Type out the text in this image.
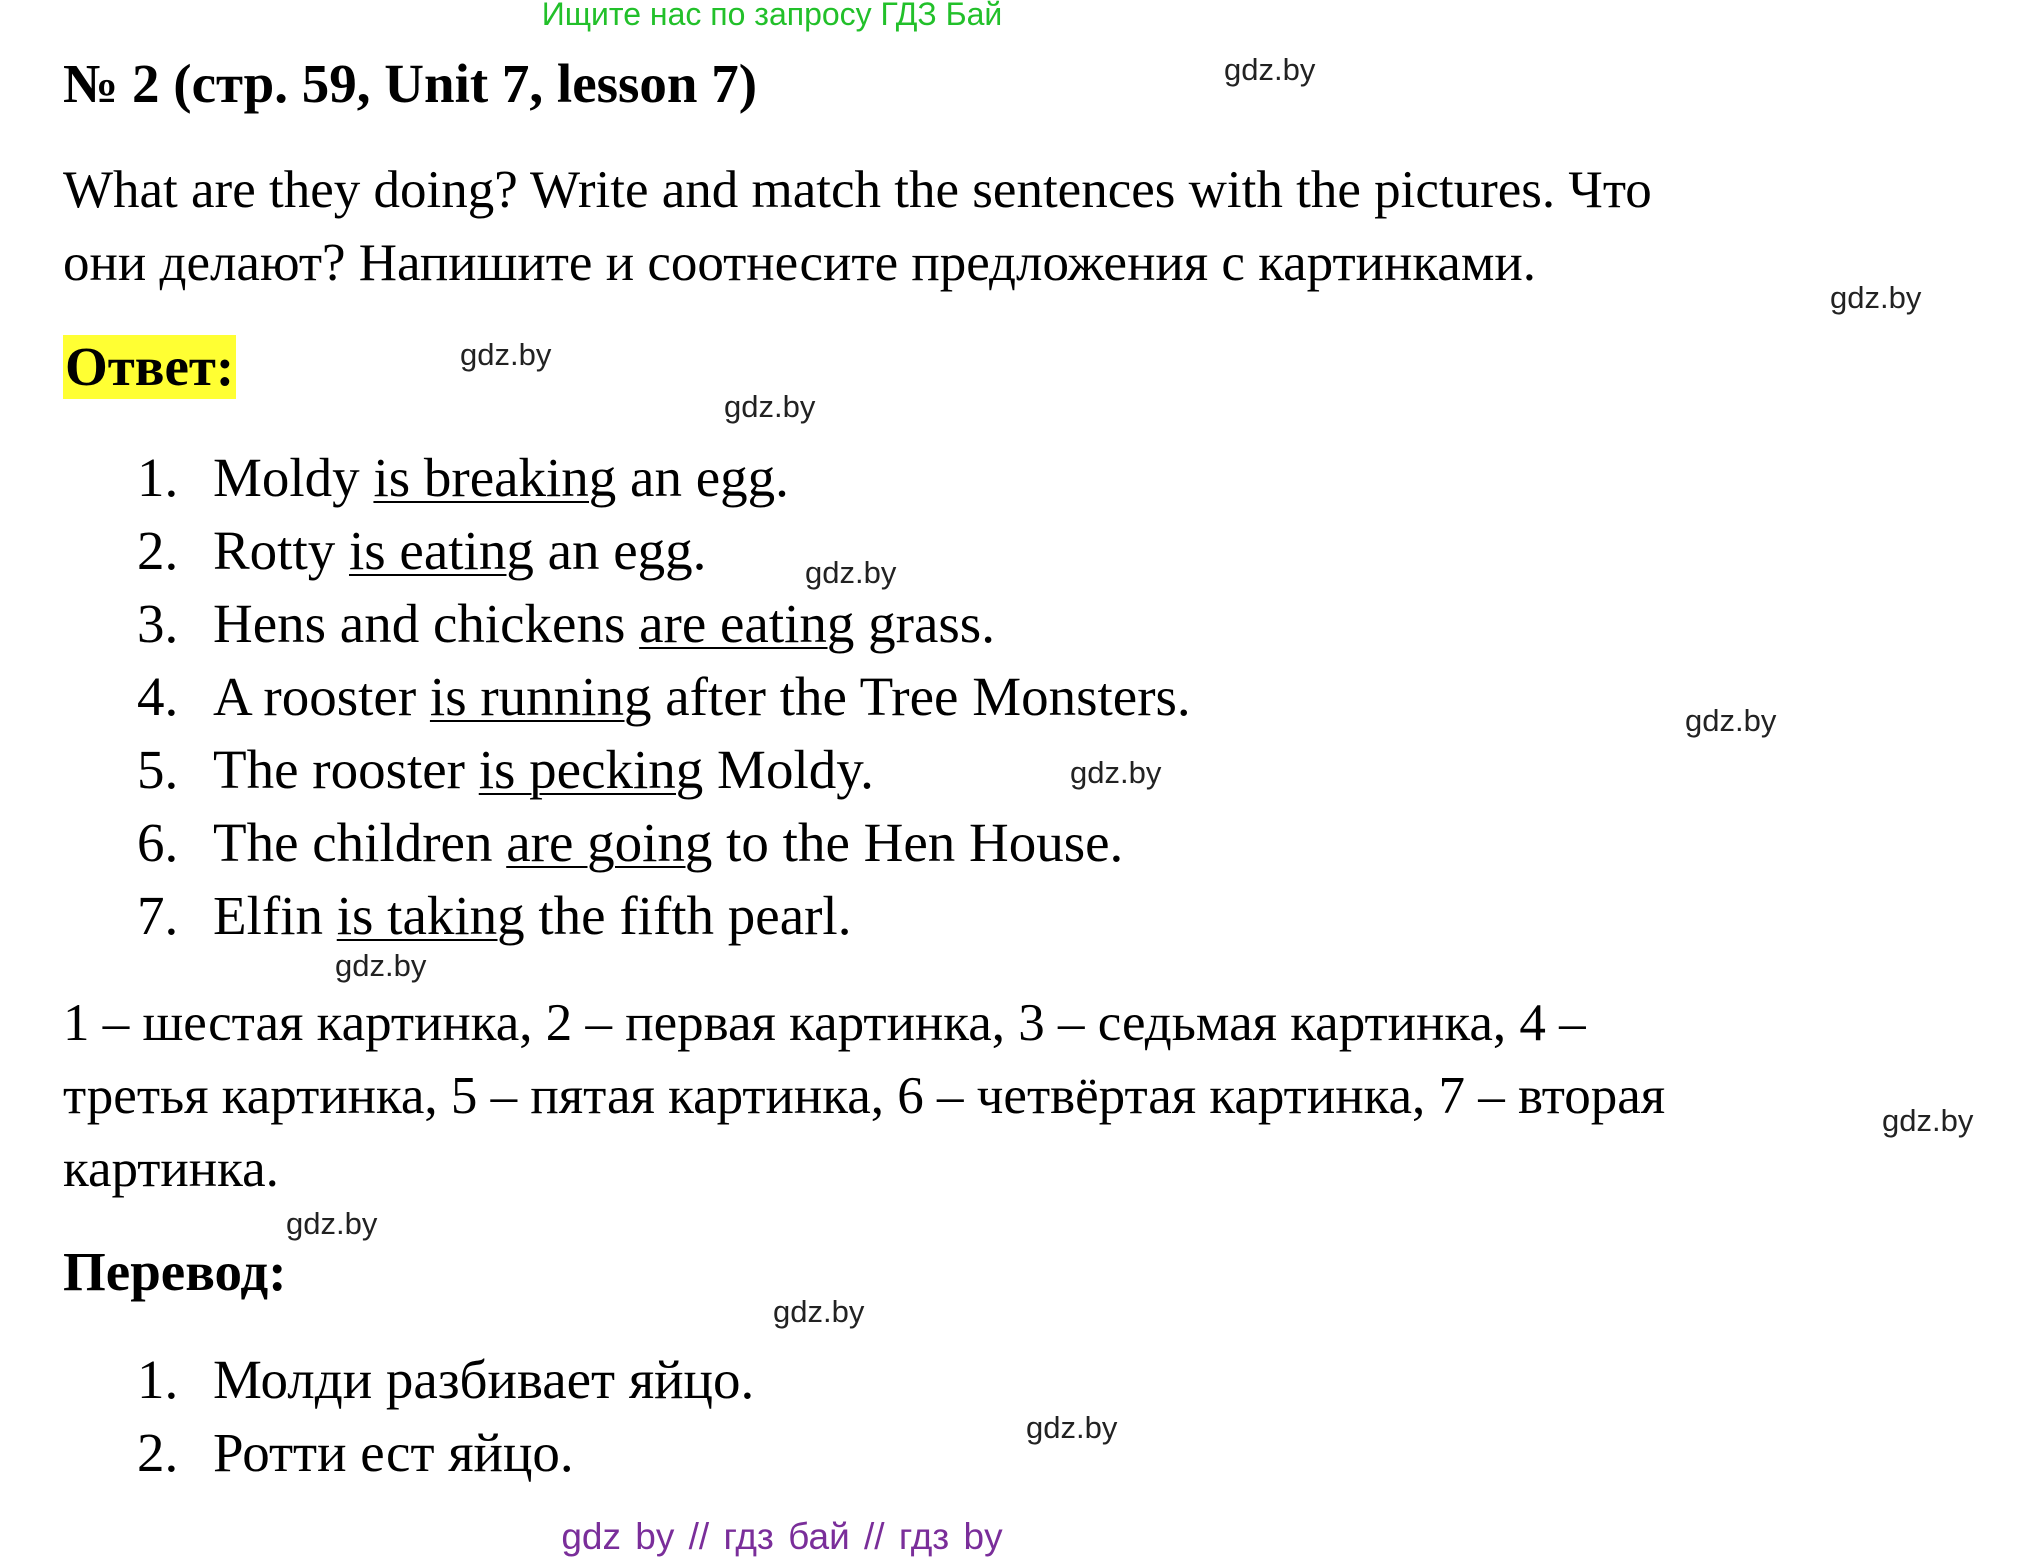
Ищите нас по запросу ГДЗ Бай
№ 2 (стр. 59, Unit 7, lesson 7)
What are they doing? Write and match the sentences with the pictures. Что
они делают? Напишите и соотнесите предложения с картинками.
Ответ:
1. Moldy is breaking an egg.
2. Rotty is eating an egg.
3. Hens and chickens are eating grass.
4. A rooster is running after the Tree Monsters.
5. The rooster is pecking Moldy.
6. The children are going to the Hen House.
7. Elfin is taking the fifth pearl.
1 – шестая картинка, 2 – первая картинка, 3 – седьмая картинка, 4 –
третья картинка, 5 – пятая картинка, 6 – четвёртая картинка, 7 – вторая
картинка.
Перевод:
1. Молди разбивает яйцо.
2. Ротти ест яйцо.
gdz.by
gdz.by
gdz.by
gdz.by
gdz.by
gdz.by
gdz.by
gdz.by
gdz.by
gdz.by
gdz.by
gdz.by
gdz by // гдз бай // гдз by
